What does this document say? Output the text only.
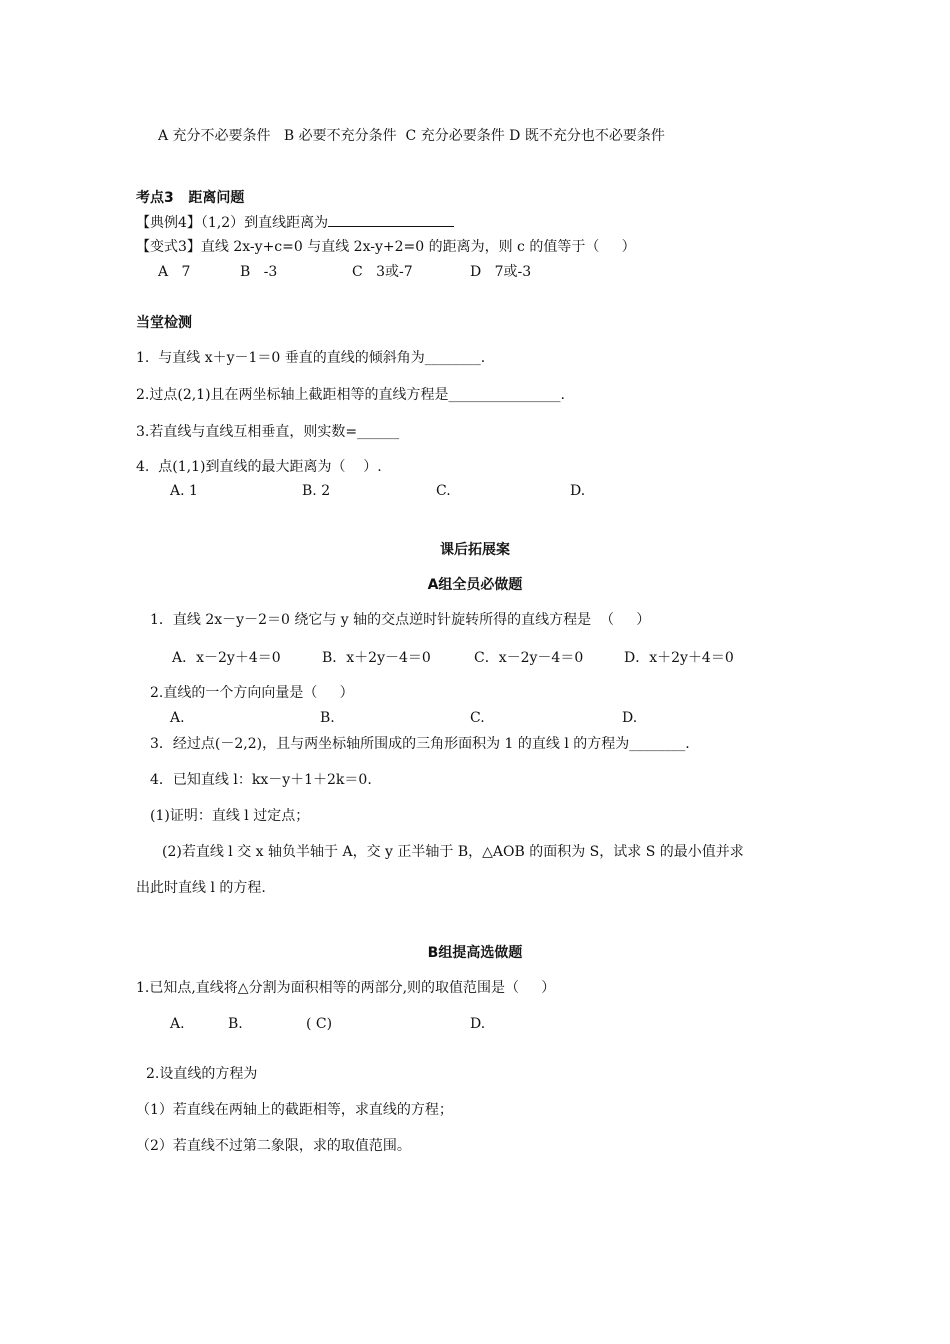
A 充分不必要条件   B 必要不充分条件  C 充分必要条件 D 既不充分也不必要条件
考点3   距离问题
【典例4】（1,2）到直线距离为
【变式3】直线 2x-y+c=0 与直线 2x-y+2=0 的距离为，则 c 的值等于（     ）
A   7	B   -3	C   3或-7	D   7或-3
当堂检测
1.  与直线 x＋y－1＝0 垂直的直线的倾斜角为________.
2.过点(2,1)且在两坐标轴上截距相等的直线方程是________________.
3.若直线与直线互相垂直，则实数=______
4.  点(1,1)到直线的最大距离为（    ）.
A. 1	B. 2	C.	D.
课后拓展案
A组全员必做题
1．直线 2x－y－2＝0 绕它与 y 轴的交点逆时针旋转所得的直线方程是  （     ）
A．x－2y＋4＝0	B．x＋2y－4＝0	C．x－2y－4＝0	D．x＋2y＋4＝0
2.直线的一个方向向量是（     ）
A.	B.	C.	D.
3．经过点(－2,2)，且与两坐标轴所围成的三角形面积为 1 的直线 l 的方程为________.
4．已知直线 l：kx－y＋1＋2k＝0.
(1)证明：直线 l 过定点；
(2)若直线 l 交 x 轴负半轴于 A，交 y 正半轴于 B，△AOB 的面积为 S，试求 S 的最小值并求
出此时直线 l 的方程.
B组提高选做题
1.已知点,直线将△分割为面积相等的两部分,则的取值范围是（     ）
A.	B.	( C)	D.
2.设直线的方程为
（1）若直线在两轴上的截距相等，求直线的方程；
（2）若直线不过第二象限，求的取值范围。
